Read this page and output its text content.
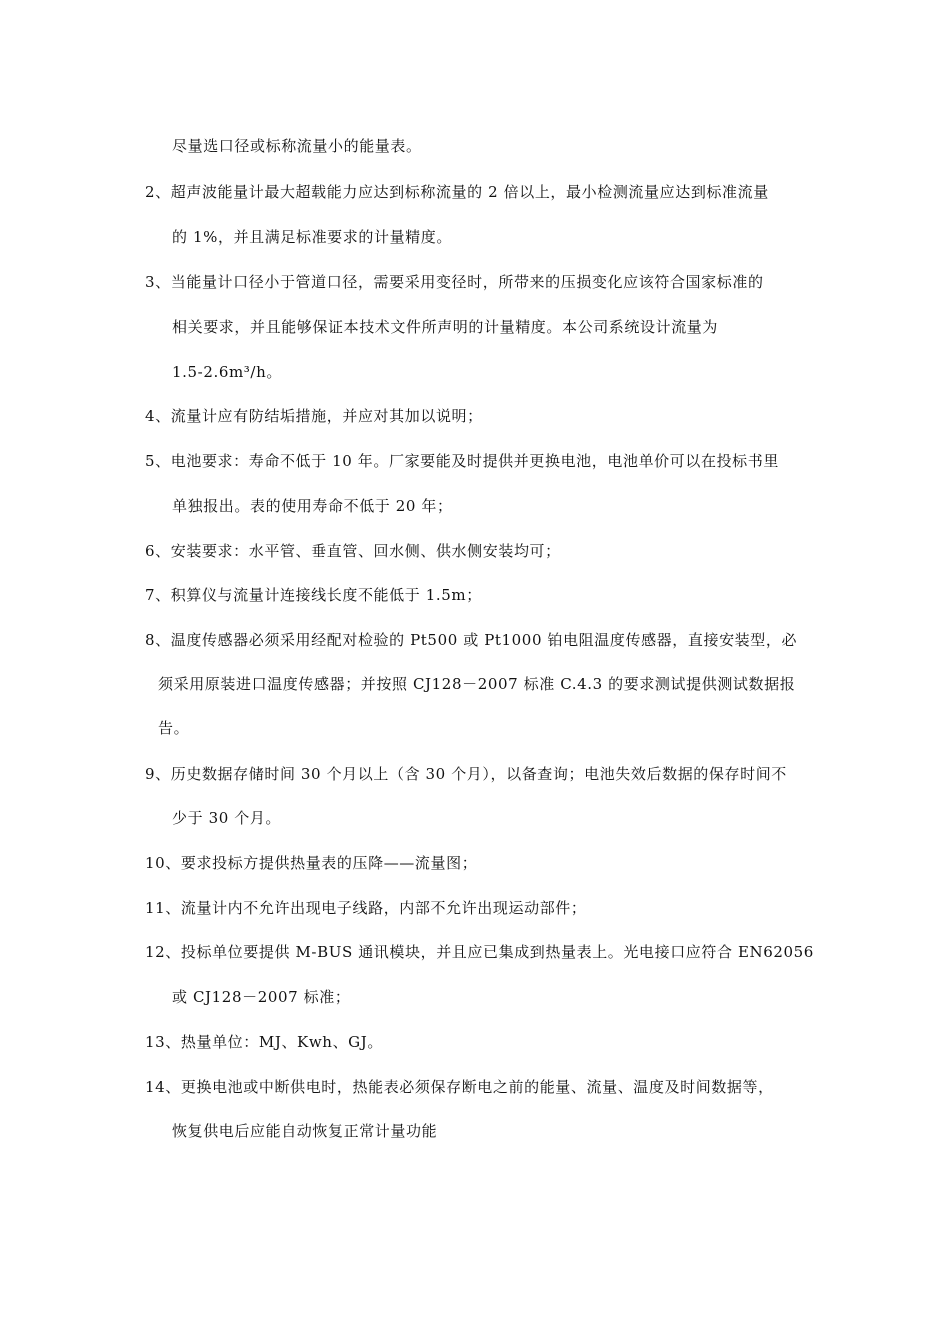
尽量选口径或标称流量小的能量表。
2、超声波能量计最大超载能力应达到标称流量的 2 倍以上，最小检测流量应达到标准流量
的 1%，并且满足标准要求的计量精度。
3、当能量计口径小于管道口径，需要采用变径时，所带来的压损变化应该符合国家标准的
相关要求，并且能够保证本技术文件所声明的计量精度。本公司系统设计流量为
1.5-2.6m³/h。
4、流量计应有防结垢措施，并应对其加以说明；
5、电池要求：寿命不低于 10 年。厂家要能及时提供并更换电池，电池单价可以在投标书里
单独报出。表的使用寿命不低于 20 年；
6、安装要求：水平管、垂直管、回水侧、供水侧安装均可；
7、积算仪与流量计连接线长度不能低于 1.5m；
8、温度传感器必须采用经配对检验的 Pt500 或 Pt1000 铂电阻温度传感器，直接安装型，必
须采用原装进口温度传感器；并按照 CJ128－2007 标准 C.4.3 的要求测试提供测试数据报
告。
9、历史数据存储时间 30 个月以上（含 30 个月），以备查询；电池失效后数据的保存时间不
少于 30 个月。
10、要求投标方提供热量表的压降——流量图；
11、流量计内不允许出现电子线路，内部不允许出现运动部件；
12、投标单位要提供 M-BUS 通讯模块，并且应已集成到热量表上。光电接口应符合 EN62056
或 CJ128－2007 标准；
13、热量单位：MJ、Kwh、GJ。
14、更换电池或中断供电时，热能表必须保存断电之前的能量、流量、温度及时间数据等，
恢复供电后应能自动恢复正常计量功能
